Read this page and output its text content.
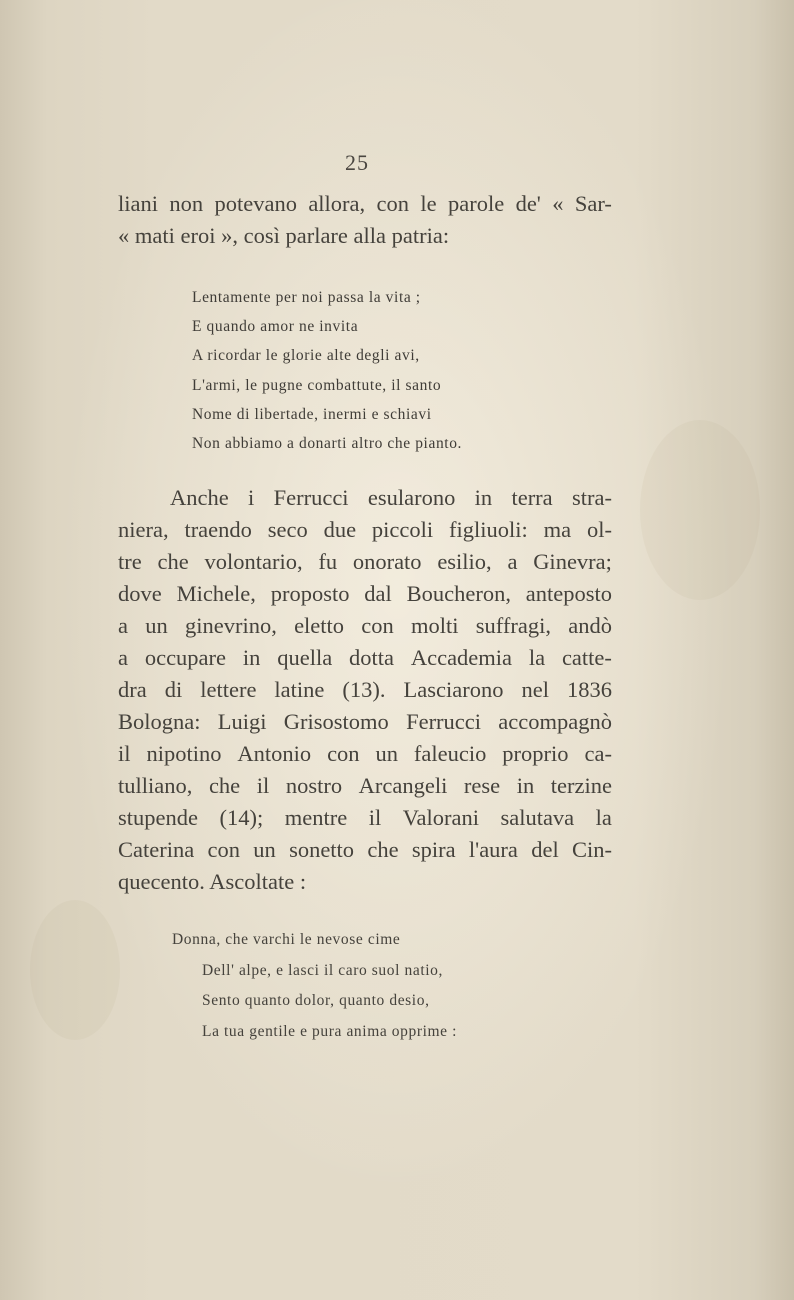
25
liani non potevano allora, con le parole de' « Sar-
« mati eroi », così parlare alla patria:
Lentamente per noi passa la vita ;
E quando amor ne invita
A ricordar le glorie alte degli avi,
L'armi, le pugne combattute, il santo
Nome di libertade, inermi e schiavi
Non abbiamo a donarti altro che pianto.
Anche i Ferrucci esularono in terra stra-
niera, traendo seco due piccoli figliuoli: ma ol-
tre che volontario, fu onorato esilio, a Ginevra;
dove Michele, proposto dal Boucheron, anteposto
a un ginevrino, eletto con molti suffragi, andò
a occupare in quella dotta Accademia la catte-
dra di lettere latine (13). Lasciarono nel 1836
Bologna: Luigi Grisostomo Ferrucci accompagnò
il nipotino Antonio con un faleucio proprio ca-
tulliano, che il nostro Arcangeli rese in terzine
stupende (14); mentre il Valorani salutava la
Caterina con un sonetto che spira l'aura del Cin-
quecento. Ascoltate :
Donna, che varchi le nevose cime
Dell' alpe, e lasci il caro suol natio,
Sento quanto dolor, quanto desio,
La tua gentile e pura anima opprime :
